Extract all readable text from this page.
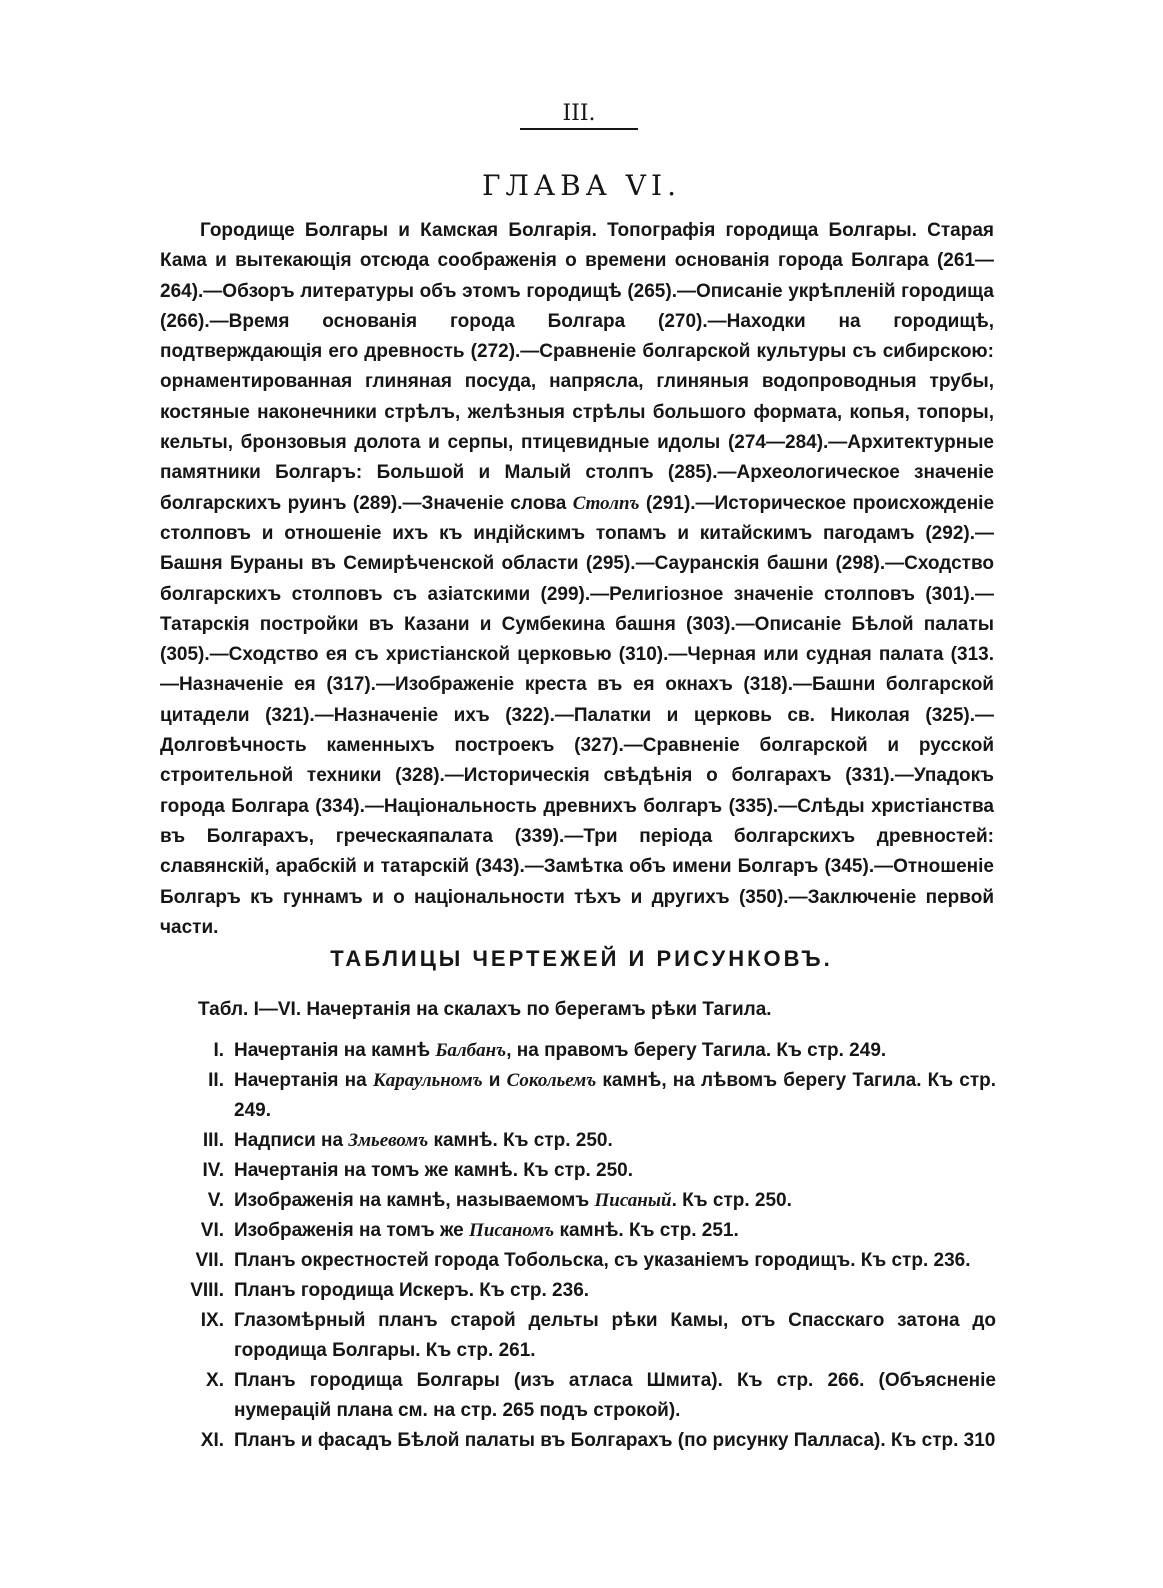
III.
ГЛАВА VI.
Городище Болгары и Камская Болгарія. Топографія городища Болгары. Старая Кама и вытекающія отсюда соображенія о времени основанія города Болгара (261—264).—Обзоръ литературы объ этомъ городищѣ (265).—Описаніе укрѣпленій городища (266).—Время основанія города Болгара (270).—Находки на городищѣ, подтверждающія его древность (272).—Сравненіе болгарской культуры съ сибирскою: орнаментированная глиняная посуда, напрясла, глиняныя водопроводныя трубы, костяные наконечники стрѣлъ, желѣзныя стрѣлы большого формата, копья, топоры, кельты, бронзовыя долота и серпы, птицевидные идолы (274—284).—Архитектурные памятники Болгаръ: Большой и Малый столпъ (285).—Археологическое значеніе болгарскихъ руинъ (289).—Значеніе слова Столпъ (291).—Историческое происхожденіе столповъ и отношеніе ихъ къ индійскимъ топамъ и китайскимъ пагодамъ (292).—Башня Бураны въ Семирѣченской области (295).—Сауранскія башни (298).—Сходство болгарскихъ столповъ съ азіатскими (299).—Религіозное значеніе столповъ (301).—Татарскія постройки въ Казани и Сумбекина башня (303).—Описаніе Бѣлой палаты (305).—Сходство ея съ христіанской церковью (310).—Черная или судная палата (313.—Назначеніе ея (317).—Изображеніе креста въ ея окнахъ (318).—Башни болгарской цитадели (321).—Назначеніе ихъ (322).—Палатки и церковь св. Николая (325).—Долговѣчность каменныхъ построекъ (327).—Сравненіе болгарской и русской строительной техники (328).—Историческія свѣдѣнія о болгарахъ (331).—Упадокъ города Болгара (334).—Національность древнихъ болгаръ (335).—Слѣды христіанства въ Болгарахъ, греческаяпалата (339).—Три періода болгарскихъ древностей: славянскій, арабскій и татарскій (343).—Замѣтка объ имени Болгаръ (345).—Отношеніе Болгаръ къ гуннамъ и о національности тѣхъ и другихъ (350).—Заключеніе первой части.
ТАБЛИЦЫ ЧЕРТЕЖЕЙ И РИСУНКОВЪ.
Табл. I—VI. Начертанія на скалахъ по берегамъ рѣки Тагила.
I. Начертанія на камнѣ Балбанъ, на правомъ берегу Тагила. Къ стр. 249.
II. Начертанія на Караульномъ и Сокольемъ камнѣ, на лѣвомъ берегу Тагила. Къ стр. 249.
III. Надписи на Змьевомъ камнѣ. Къ стр. 250.
IV. Начертанія на томъ же камнѣ. Къ стр. 250.
V. Изображенія на камнѣ, называемомъ Писаный. Къ стр. 250.
VI. Изображенія на томъ же Писаномъ камнѣ. Къ стр. 251.
VII. Планъ окрестностей города Тобольска, съ указаніемъ городищъ. Къ стр. 236.
VIII. Планъ городища Искеръ. Къ стр. 236.
IX. Глазомѣрный планъ старой дельты рѣки Камы, отъ Спасскаго затона до городища Болгары. Къ стр. 261.
X. Планъ городища Болгары (изъ атласа Шмита). Къ стр. 266. (Объясненіе нумерацій плана см. на стр. 265 подъ строкой).
XI. Планъ и фасадъ Бѣлой палаты въ Болгарахъ (по рисунку Палласа). Къ стр. 310
